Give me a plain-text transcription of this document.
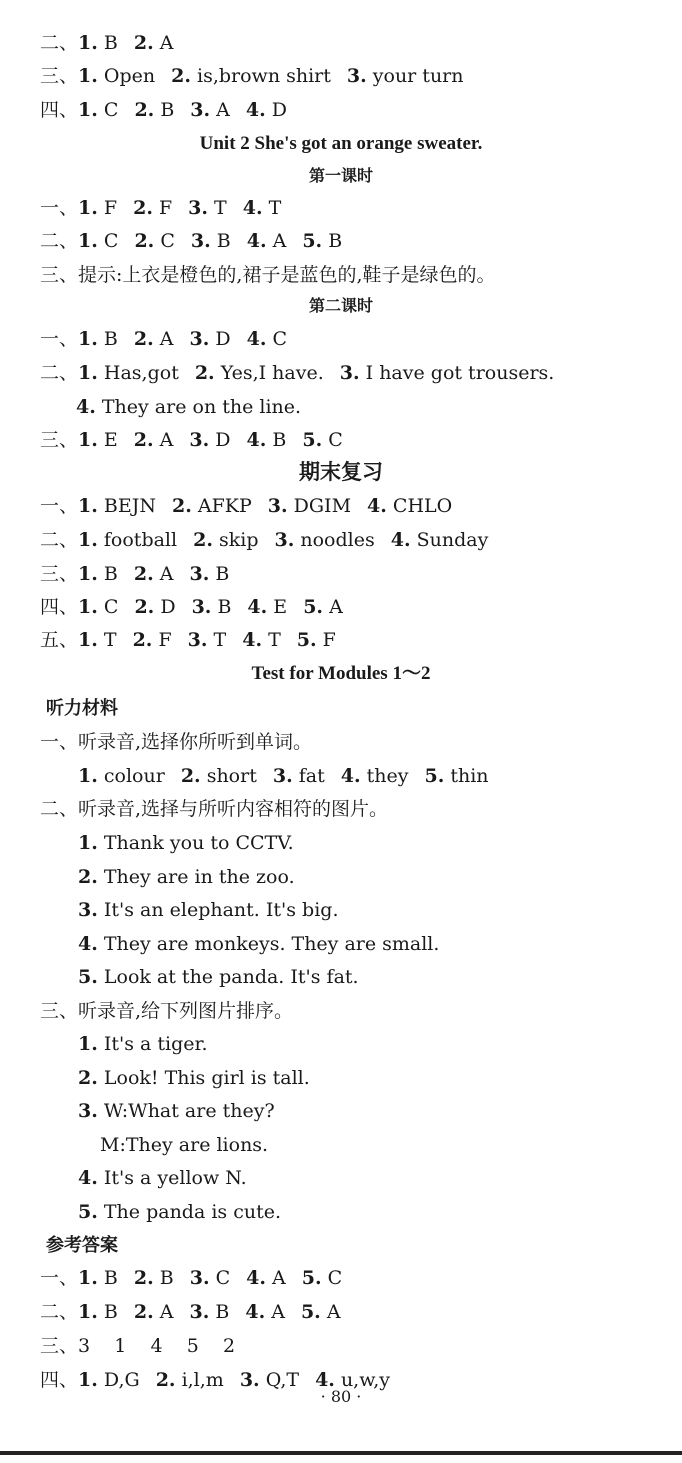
二、1. B 2. A
三、1. Open 2. is,brown shirt 3. your turn
四、1. C 2. B 3. A 4. D
Unit 2 She's got an orange sweater.
第一课时
一、1. F 2. F 3. T 4. T
二、1. C 2. C 3. B 4. A 5. B
三、提示:上衣是橙色的,裙子是蓝色的,鞋子是绿色的。
第二课时
一、1. B 2. A 3. D 4. C
二、1. Has,got 2. Yes,I have. 3. I have got trousers.
4. They are on the line.
三、1. E 2. A 3. D 4. B 5. C
期末复习
一、1. BEJN 2. AFKP 3. DGIM 4. CHLO
二、1. football 2. skip 3. noodles 4. Sunday
三、1. B 2. A 3. B
四、1. C 2. D 3. B 4. E 5. A
五、1. T 2. F 3. T 4. T 5. F
Test for Modules 1～2
听力材料
一、听录音,选择你所听到单词。
1. colour 2. short 3. fat 4. they 5. thin
二、听录音,选择与所听内容相符的图片。
1. Thank you to CCTV.
2. They are in the zoo.
3. It's an elephant. It's big.
4. They are monkeys. They are small.
5. Look at the panda. It's fat.
三、听录音,给下列图片排序。
1. It's a tiger.
2. Look! This girl is tall.
3. W:What are they?
M:They are lions.
4. It's a yellow N.
5. The panda is cute.
参考答案
一、1. B 2. B 3. C 4. A 5. C
二、1. B 2. A 3. B 4. A 5. A
三、3    1    4    5    2
四、1. D,G 2. i,l,m 3. Q,T 4. u,w,y
· 80 ·
